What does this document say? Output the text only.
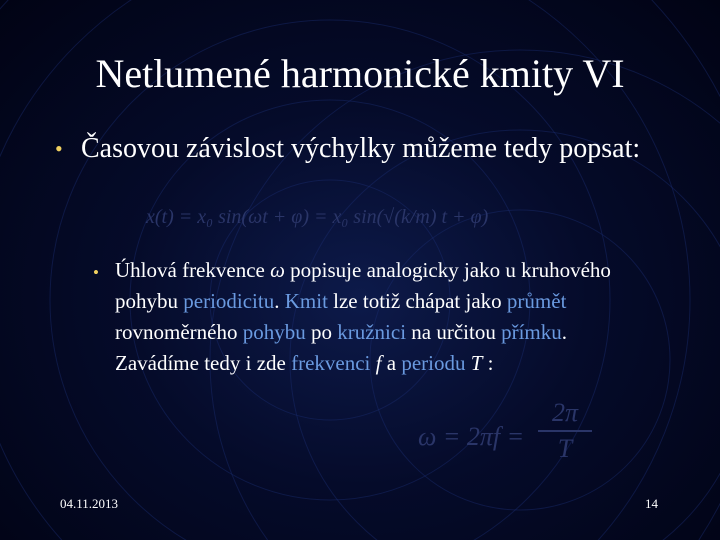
Netlumené harmonické kmity VI
• Časovou závislost výchylky můžeme tedy popsat:
x(t) = x₀ sin(ωt + φ) = x₀ sin(√(k/m) t + φ)
• Úhlová frekvence ω popisuje analogicky jako u kruhového pohybu periodicitu. Kmit lze totiž chápat jako průmět rovnoměrného pohybu po kružnici na určitou přímku. Zavádíme tedy i zde frekvenci f a periodu T :
ω = 2πf =
2π
T
04.11.2013	14
